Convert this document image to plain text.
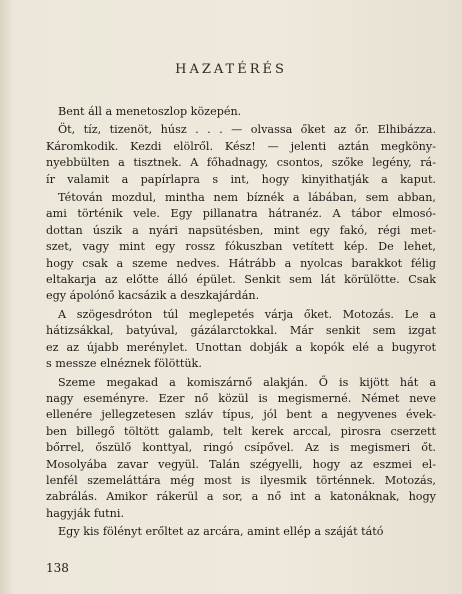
HAZATÉRÉS
Bent áll a menetoszlop közepén.
Öt, tíz, tizenöt, húsz . . . — olvassa őket az őr. Elhibázza.
Káromkodik. Kezdi elölről. Kész! — jelenti aztán megköny-
nyebbülten a tisztnek. A főhadnagy, csontos, szőke legény, rá-
ír valamit a papírlapra s int, hogy kinyithatják a kaput.
Tétován mozdul, mintha nem bíznék a lábában, sem abban,
ami történik vele. Egy pillanatra hátranéz. A tábor elmosó-
dottan úszik a nyári napsütésben, mint egy fakó, régi met-
szet, vagy mint egy rossz fókuszban vetített kép. De lehet,
hogy csak a szeme nedves. Hátrább a nyolcas barakkot félig
eltakarja az előtte álló épület. Senkit sem lát körülötte. Csak
egy ápolónő kacsázik a deszkajárdán.
A szögesdróton túl meglepetés várja őket. Motozás. Le a
hátizsákkal, batyúval, gázálarctokkal. Már senkit sem izgat
ez az újabb merénylet. Unottan dobják a kopók elé a bugyrot
s messze elnéznek fölöttük.
Szeme megakad a komiszárnő alakján. Ő is kijött hát a
nagy eseményre. Ezer nő közül is megismerné. Német neve
ellenére jellegzetesen szláv típus, jól bent a negyvenes évek-
ben billegő töltött galamb, telt kerek arccal, pirosra cserzett
bőrrel, őszülő konttyal, ringó csípővel. Az is megismeri őt.
Mosolyába zavar vegyül. Talán szégyelli, hogy az eszmei el-
lenfél szemeláttára még most is ilyesmik történnek. Motozás,
zabrálás. Amikor rákerül a sor, a nő int a katonáknak, hogy
hagyják futni.
Egy kis fölényt erőltet az arcára, amint ellép a száját tátó
138
